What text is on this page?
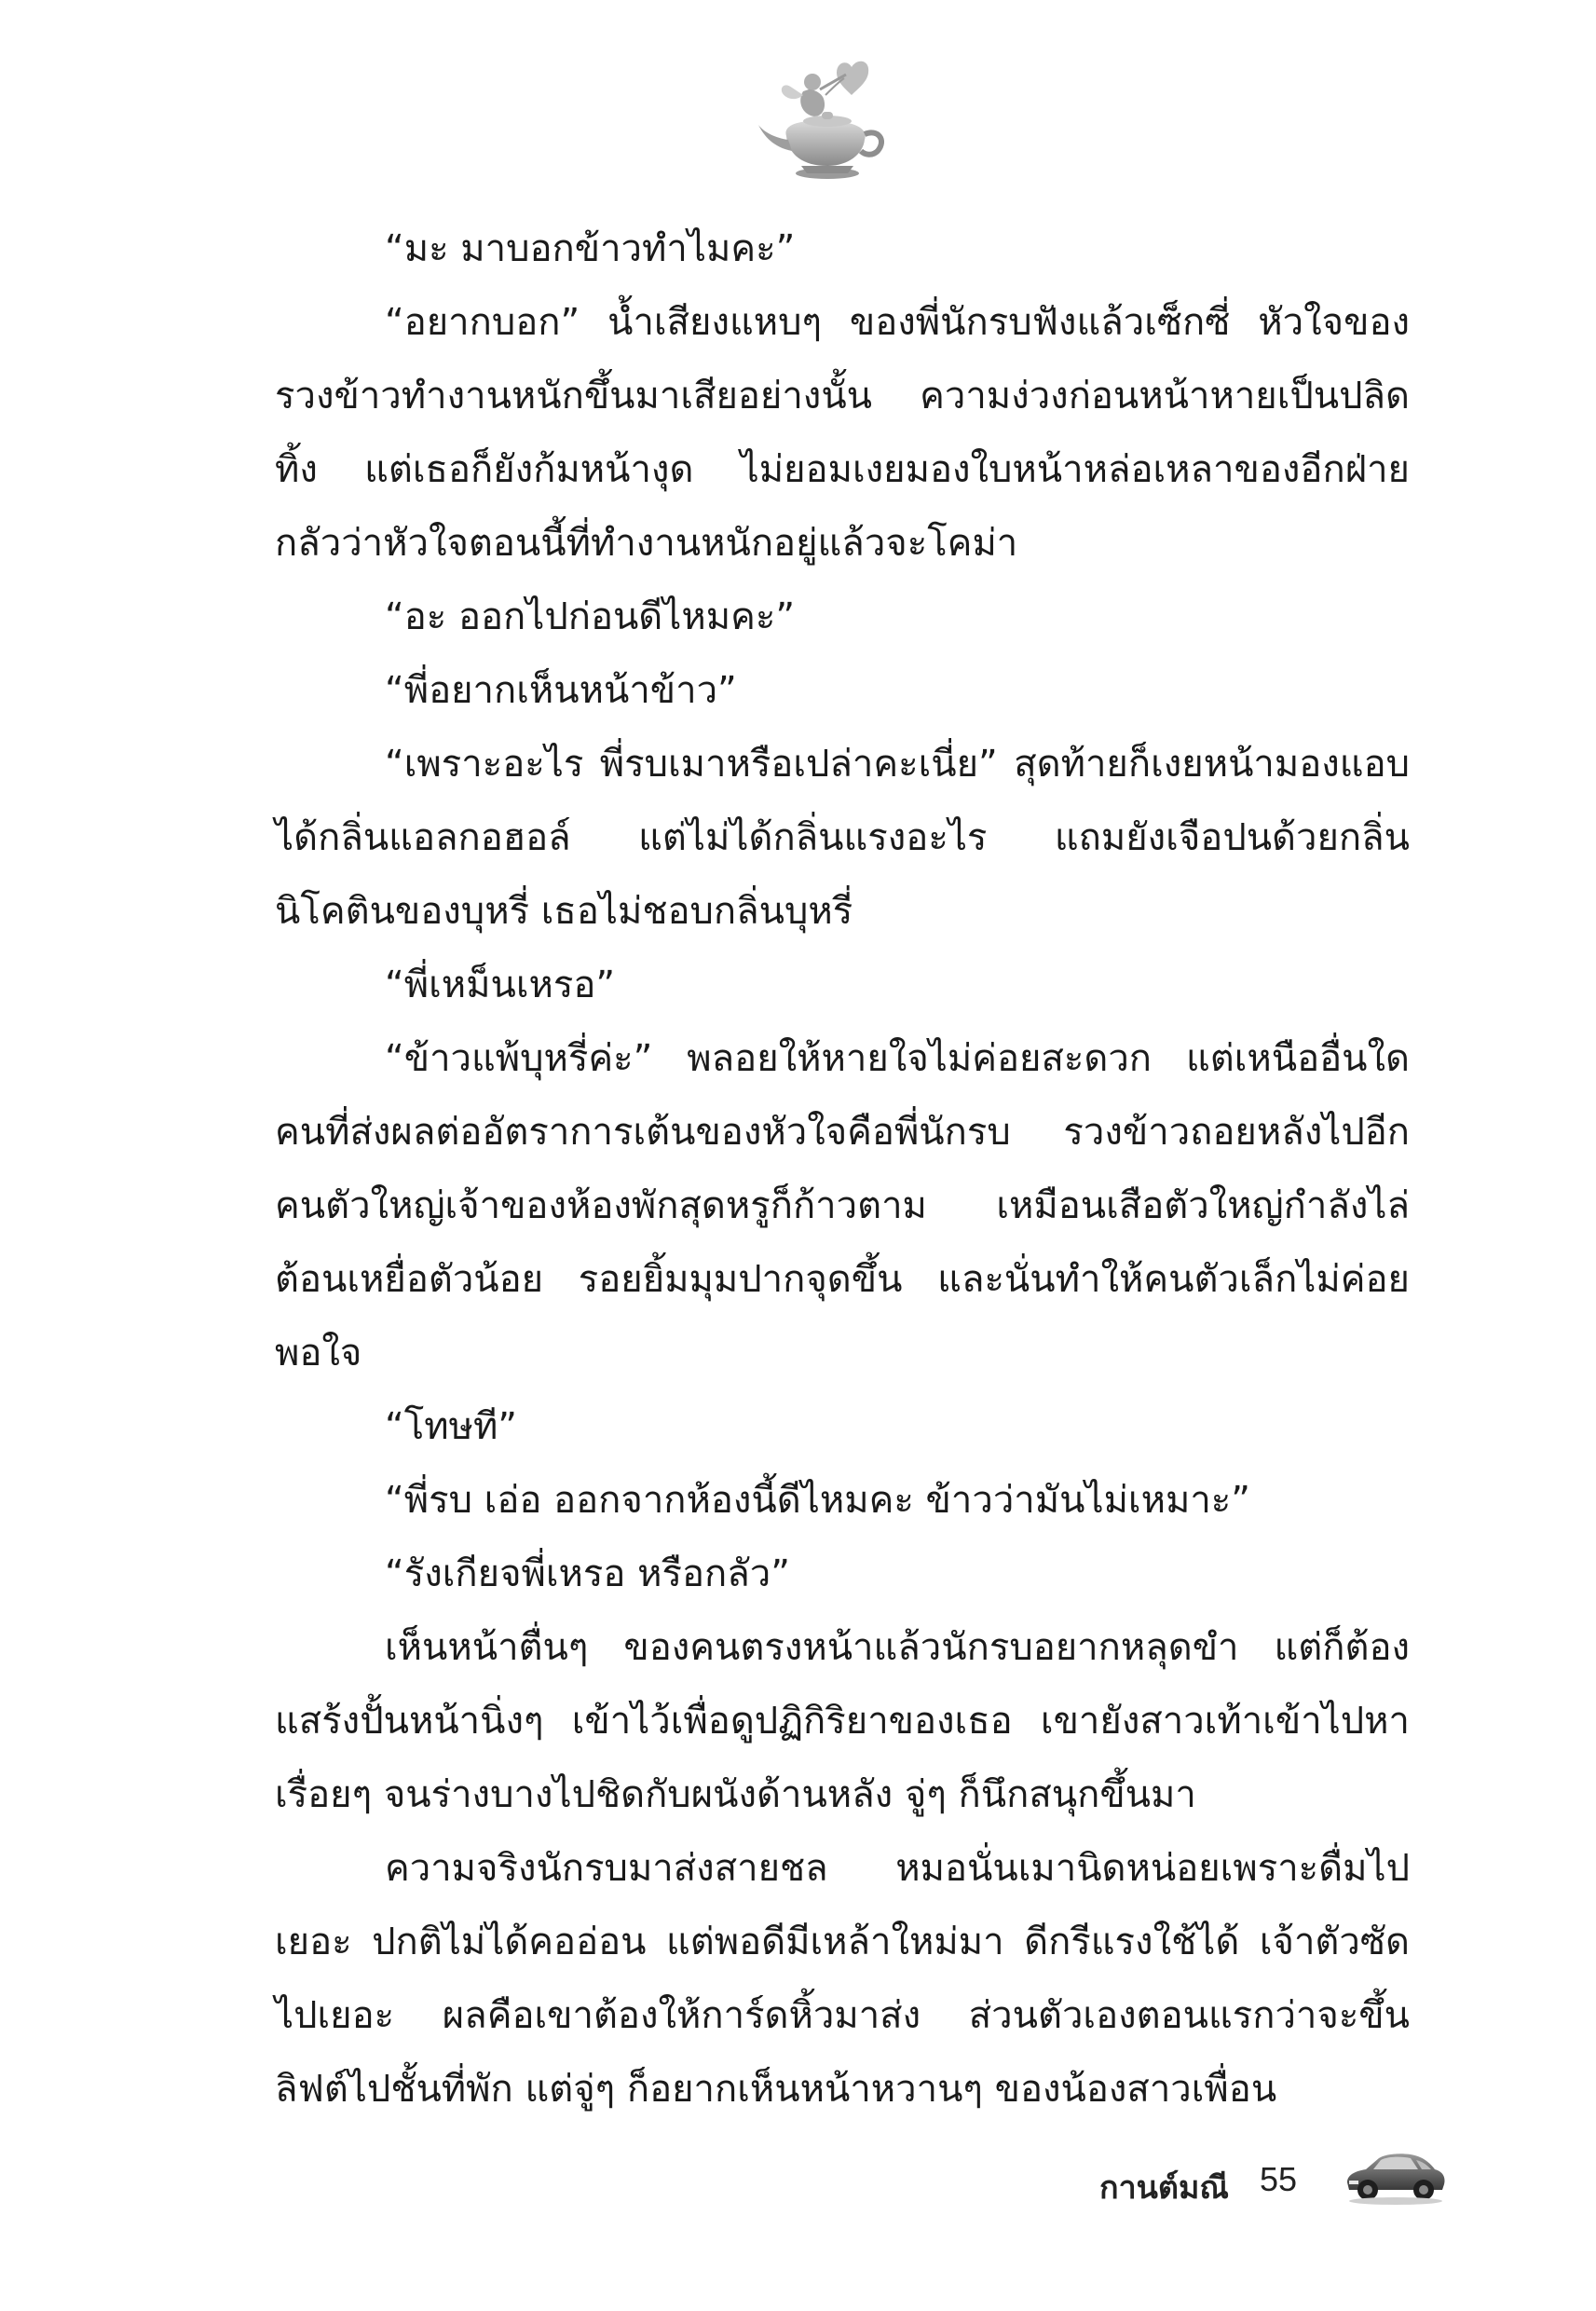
“มะ มาบอกข้าวทำไมคะ”

“อยากบอก” น้ำเสียงแหบๆ ของพี่นักรบฟังแล้วเซ็กซี่ หัวใจของรวงข้าวทำงานหนักขึ้นมาเสียอย่างนั้น ความง่วงก่อนหน้าหายเป็นปลิดทิ้ง แต่เธอก็ยังก้มหน้างุด ไม่ยอมเงยมองใบหน้าหล่อเหลาของอีกฝ่าย กลัวว่าหัวใจตอนนี้ที่ทำงานหนักอยู่แล้วจะโคม่า

“อะ ออกไปก่อนดีไหมคะ”

“พี่อยากเห็นหน้าข้าว”

“เพราะอะไร พี่รบเมาหรือเปล่าคะเนี่ย” สุดท้ายก็เงยหน้ามองแอบได้กลิ่นแอลกอฮอล์ แต่ไม่ได้กลิ่นแรงอะไร แถมยังเจือปนด้วยกลิ่นนิโคตินของบุหรี่ เธอไม่ชอบกลิ่นบุหรี่

“พี่เหม็นเหรอ”

“ข้าวแพ้บุหรี่ค่ะ” พลอยให้หายใจไม่ค่อยสะดวก แต่เหนืออื่นใดคนที่ส่งผลต่ออัตราการเต้นของหัวใจคือพี่นักรบ รวงข้าวถอยหลังไปอีกคนตัวใหญ่เจ้าของห้องพักสุดหรูก็ก้าวตาม เหมือนเสือตัวใหญ่กำลังไล่ต้อนเหยื่อตัวน้อย รอยยิ้มมุมปากจุดขึ้น และนั่นทำให้คนตัวเล็กไม่ค่อยพอใจ

“โทษที”

“พี่รบ เอ่อ ออกจากห้องนี้ดีไหมคะ ข้าวว่ามันไม่เหมาะ”

“รังเกียจพี่เหรอ หรือกลัว”

เห็นหน้าตื่นๆ ของคนตรงหน้าแล้วนักรบอยากหลุดขำ แต่ก็ต้องแสร้งปั้นหน้านิ่งๆ เข้าไว้เพื่อดูปฏิกิริยาของเธอ เขายังสาวเท้าเข้าไปหาเรื่อยๆ จนร่างบางไปชิดกับผนังด้านหลัง จู่ๆ ก็นึกสนุกขึ้นมา

ความจริงนักรบมาส่งสายชล หมอนั่นเมานิดหน่อยเพราะดื่มไปเยอะ ปกติไม่ได้คออ่อน แต่พอดีมีเหล้าใหม่มา ดีกรีแรงใช้ได้ เจ้าตัวซัดไปเยอะ ผลคือเขาต้องให้การ์ดหิ้วมาส่ง ส่วนตัวเองตอนแรกว่าจะขึ้นลิฟต์ไปชั้นที่พัก แต่จู่ๆ ก็อยากเห็นหน้าหวานๆ ของน้องสาวเพื่อน

กานต์มณี 55
